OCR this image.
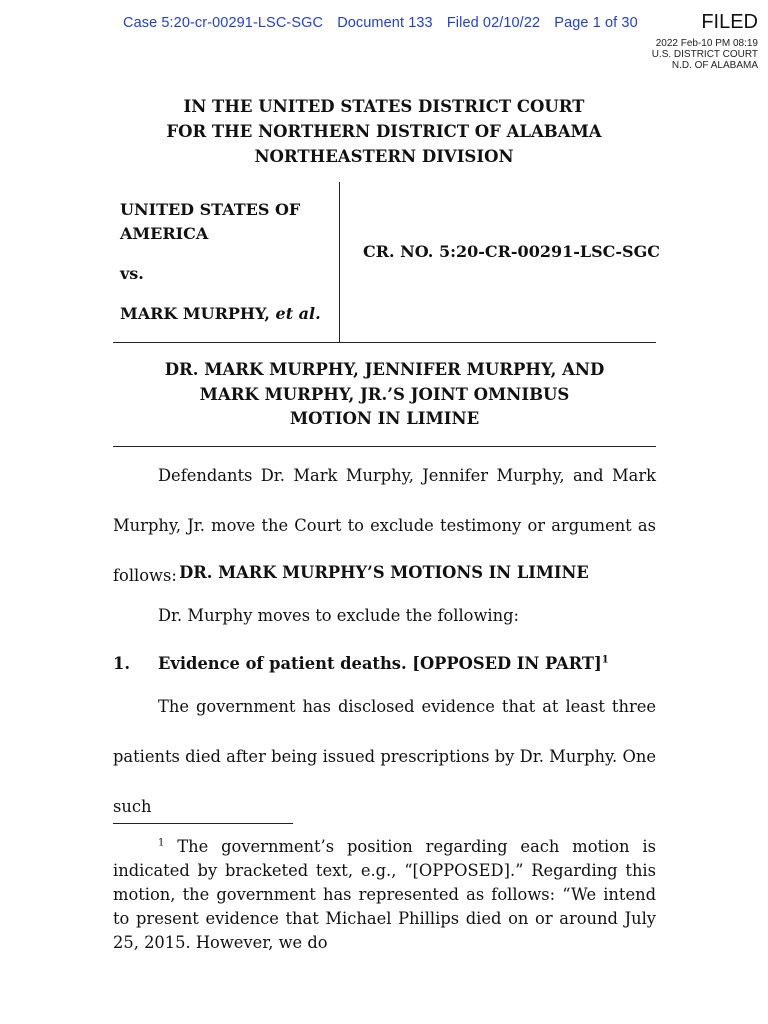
Case 5:20-cr-00291-LSC-SGC Document 133 Filed 02/10/22 Page 1 of 30	FILED
2022 Feb-10 PM 08:19
U.S. DISTRICT COURT
N.D. OF ALABAMA
IN THE UNITED STATES DISTRICT COURT
FOR THE NORTHERN DISTRICT OF ALABAMA
NORTHEASTERN DIVISION
UNITED STATES OF AMERICA
vs.
MARK MURPHY, et al.
CR. NO. 5:20-CR-00291-LSC-SGC
DR. MARK MURPHY, JENNIFER MURPHY, AND
MARK MURPHY, JR.’S JOINT OMNIBUS
MOTION IN LIMINE
Defendants Dr. Mark Murphy, Jennifer Murphy, and Mark Murphy, Jr. move the Court to exclude testimony or argument as follows: DR. MARK MURPHY’S MOTIONS IN LIMINE
Dr. Murphy moves to exclude the following:
1. Evidence of patient deaths. [OPPOSED IN PART]$^1$
The government has disclosed evidence that at least three patients died after being issued prescriptions by Dr. Murphy. One such
$^1$ The government’s position regarding each motion is indicated by bracketed text, e.g., “[OPPOSED].” Regarding this motion, the government has represented as follows: “We intend to present evidence that Michael Phillips died on or around July 25, 2015. However, we do
